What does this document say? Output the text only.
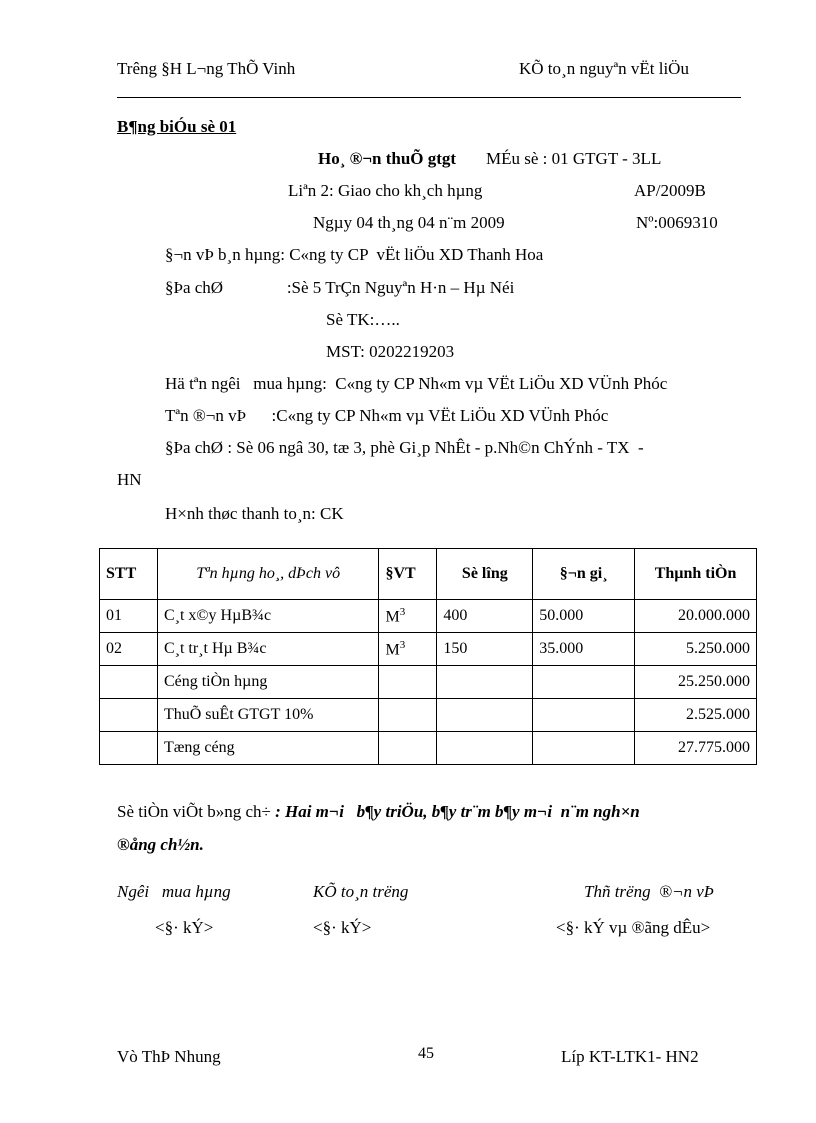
Trêng §H L¬ng ThÕ Vinh	KÕ to¸n nguyªn vËt liÖu
B¶ng biÓu sè 01
Ho¸ ®¬n thuÕ gtgt MÉu sè : 01 GTGT - 3LL
Liªn 2: Giao cho kh¸ch hµng	AP/2009B
Ngµy 04 th¸ng 04 n¨m 2009	Nº:0069310
§¬n vÞ b¸n hµng: C«ng ty CP  vËt liÖu XD Thanh Hoa
§Þa chØ               :Sè 5 TrÇn Nguyªn H·n – Hµ Néi
Sè TK:…..
MST: 0202219203
Hä tªn ngêi   mua hµng:  C«ng ty CP Nh«m vµ VËt LiÖu XD VÜnh Phóc
Tªn ®¬n vÞ      :C«ng ty CP Nh«m vµ VËt LiÖu XD VÜnh Phóc
§Þa chØ : Sè 06 ngâ 30, tæ 3, phè Gi¸p NhÊt - p.Nh©n ChÝnh - TX  -
HN
H×nh thøc thanh to¸n: CK
STT	Tªn hµng ho¸, dÞch vô	§VT	Sè lîng	§¬n gi¸	Thµnh tiÒn
01	C¸t x©y HµB¾c	$M^3$	400	50.000	20.000.000
02	C¸t tr¸t Hµ B¾c	$M^3$	150	35.000	5.250.000
	Céng tiÒn hµng				25.250.000
	ThuÕ suÊt GTGT 10%				2.525.000
	Tæng céng				27.775.000
Sè tiÒn viÕt b»ng ch÷ : Hai m¬i   b¶y triÖu, b¶y tr¨m b¶y m¬i  n¨m ngh×n
®ång ch½n.
Ngêi   mua hµng
<§· kÝ>
KÕ to¸n trëng
<§· kÝ>
Thñ trëng  ®¬n vÞ
<§· kÝ vµ ®ãng dÊu>
Vò ThÞ Nhung	45	Líp KT-LTK1- HN2
